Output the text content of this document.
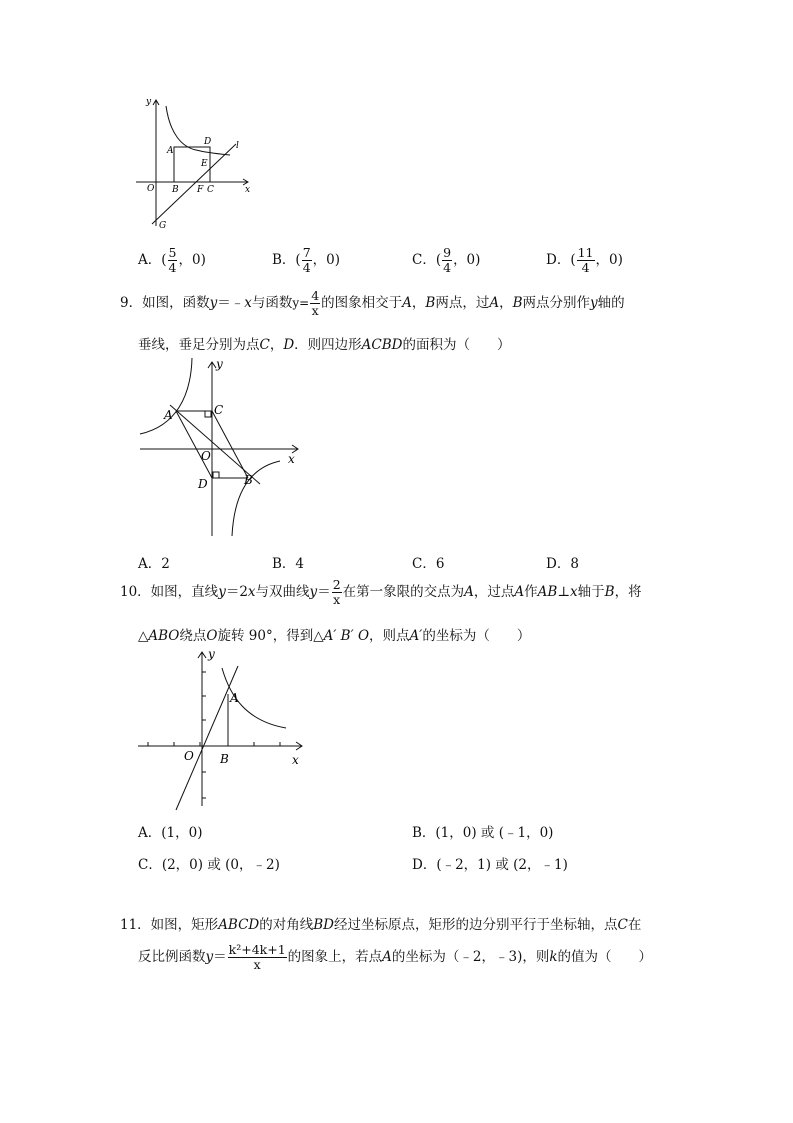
y
x
O
A
B
D
E
F C
G
l
A．( $\frac{5}{4}$ ，0)	B．( $\frac{7}{4}$ ，0)	C．( $\frac{9}{4}$ ，0)	D．( $\frac{11}{4}$ ，0)
9．如图，函数y＝﹣x与函数$y= \frac{4}{x}$ 的图象相交于A，B两点，过A，B两点分别作y轴的
垂线，垂足分别为点C，D．则四边形ACBD的面积为（　　）
y
x
A	C
O
D	B
A．2	B．4	C．6	D．8
10．如图，直线y＝2x与双曲线$y= \frac{2}{x}$ 在第一象限的交点为A，过点A作AB⊥x轴于B，将
△ABO绕点O旋转 90°，得到△A′ B′ O，则点A′的坐标为（　　）
y
x
A
O B
A．(1，0)	B．(1，0) 或 (﹣1，0)
C．(2，0) 或 (0，﹣2)	D．(﹣2，1) 或 (2，﹣1)
11．如图，矩形ABCD的对角线BD经过坐标原点，矩形的边分别平行于坐标轴，点C在
反比例函数$y= \frac{\text{k²+4k+1}}{x}$ 的图象上，若点A的坐标为（﹣2，﹣3)，则k的值为（　　）
